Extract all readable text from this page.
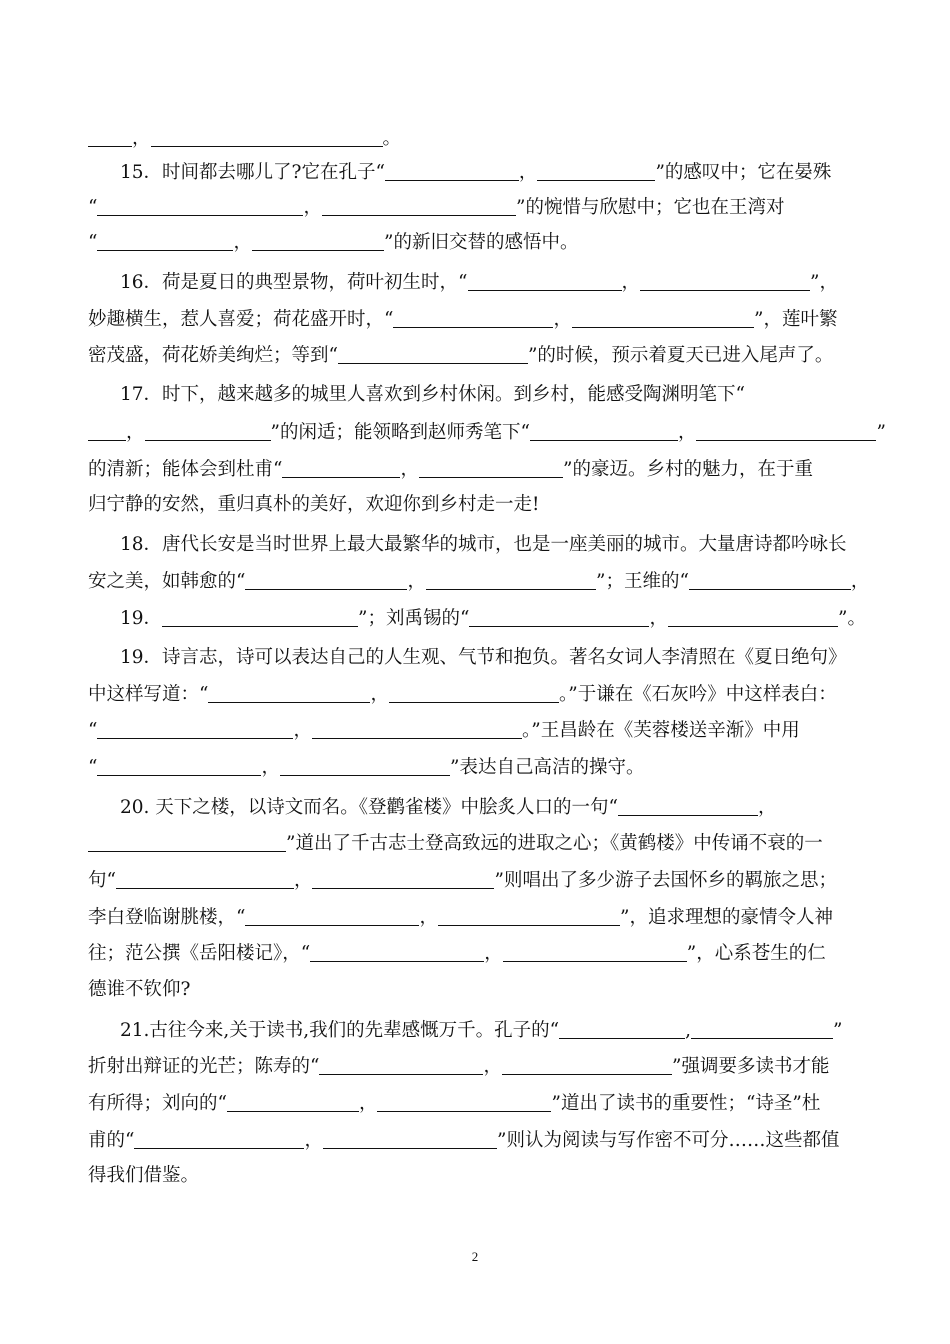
2
，	。
15．时间都去哪儿了?它在孔子“	，	”的感叹中；它在晏殊
“	，	”的惋惜与欣慰中；它也在王湾对
“	，	”的新旧交替的感悟中。
16．荷是夏日的典型景物，荷叶初生时，“	，	”，
妙趣横生，惹人喜爱；荷花盛开时，“	，	”，莲叶繁
密茂盛，荷花娇美绚烂；等到“	”的时候，预示着夏天已进入尾声了。
17．时下，越来越多的城里人喜欢到乡村休闲。到乡村，能感受陶渊明笔下“
，	”的闲适；能领略到赵师秀笔下“	，	”
的清新；能体会到杜甫“	，	”的豪迈。乡村的魅力，在于重
归宁静的安然，重归真朴的美好，欢迎你到乡村走一走!
18．唐代长安是当时世界上最大最繁华的城市，也是一座美丽的城市。大量唐诗都吟咏长
安之美，如韩愈的“	，	”；王维的“	，
19．	”；刘禹锡的“	，	”。
19．诗言志，诗可以表达自己的人生观、气节和抱负。著名女词人李清照在《夏日绝句》
中这样写道：“	，	。”于谦在《石灰吟》中这样表白：
“	，	。”王昌龄在《芙蓉楼送辛渐》中用
“	，	”表达自己高洁的操守。
20. 天下之楼，以诗文而名。《登鹳雀楼》中脍炙人口的一句“	，
”道出了千古志士登高致远的进取之心；《黄鹤楼》中传诵不衰的一
句“	，	”则唱出了多少游子去国怀乡的羁旅之思；
李白登临谢朓楼，“	，	”，追求理想的豪情令人神
往；范公撰《岳阳楼记》，“	，	”，心系苍生的仁
德谁不钦仰?
21.古往今来,关于读书,我们的先辈感慨万千。孔子的“	,	”
折射出辩证的光芒；陈寿的“	，	”强调要多读书才能
有所得；刘向的“	，	”道出了读书的重要性；“诗圣”杜
甫的“	，	”则认为阅读与写作密不可分……这些都值
得我们借鉴。
